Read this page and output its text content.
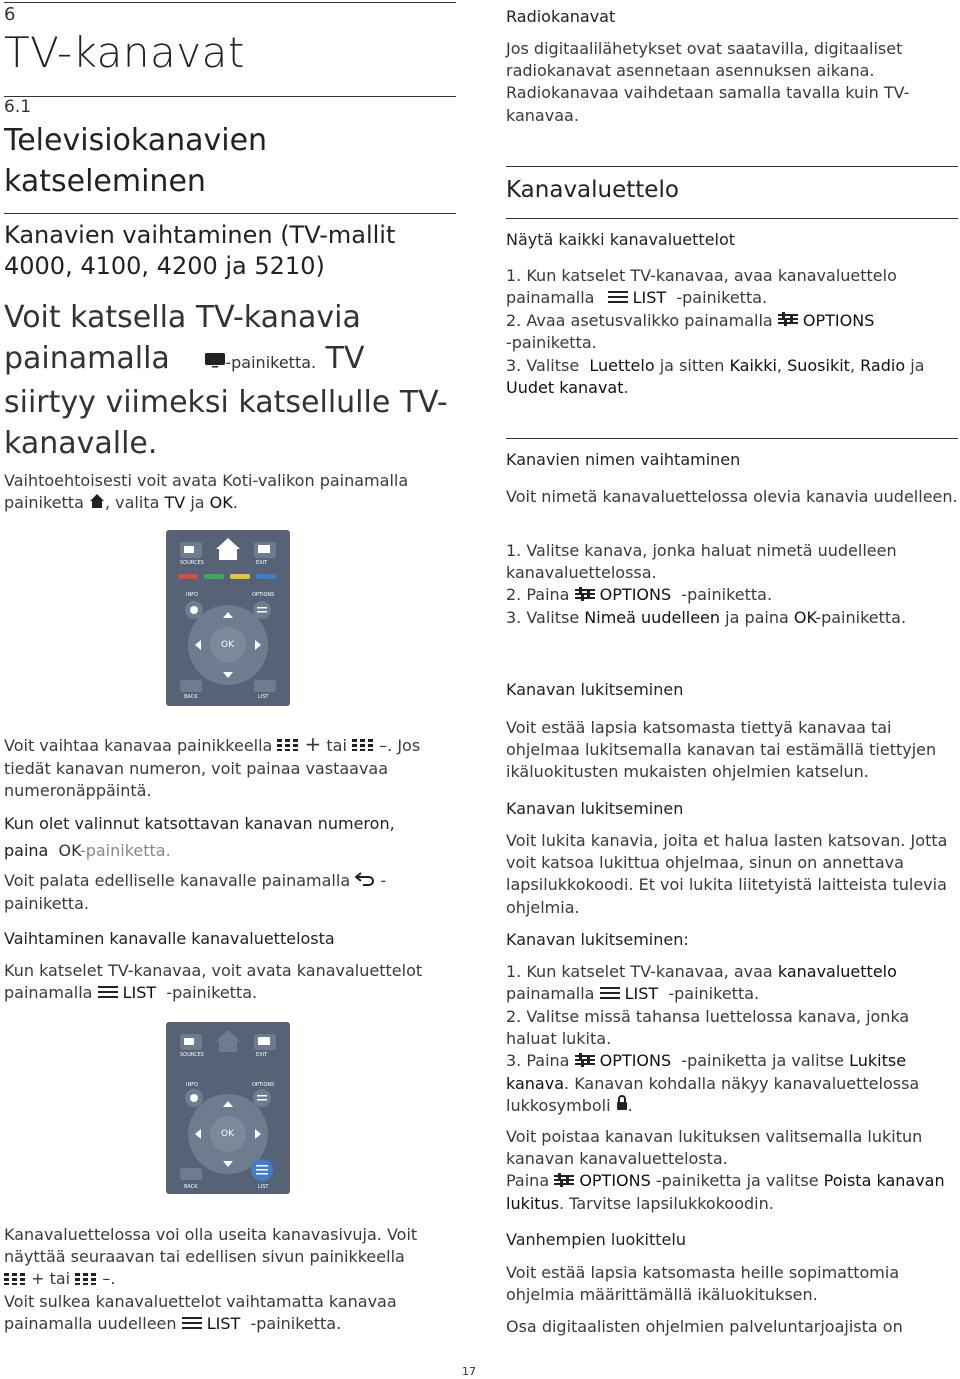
6
TV-kanavat
6.1
Televisiokanavien
katseleminen
Kanavien vaihtaminen (TV-mallit 4000, 4100, 4200 ja 5210)
Voit katsella TV-kanavia
painamalla	TV -painiketta. TV siirtyy viimeksi katsellulle TV-kanavalle.
Vaihtoehtoisesti voit avata Koti-valikon painamalla painiketta , valita TV ja OK.
SOURCES	EXIT
INFO	OPTIONS
OK
BACK	LIST
Voit vaihtaa kanavaa painikkeella + tai –. Jos tiedät kanavan numeron, voit painaa vastaavaa numeronäppäintä.
Kun olet valinnut katsottavan kanavan numeron,
paina OK-painiketta.
Voit palata edelliselle kanavalle painamalla -painiketta.
Vaihtaminen kanavalle kanavaluettelosta
Kun katselet TV-kanavaa, voit avata kanavaluettelot painamalla LIST -painiketta.
SOURCES	EXIT
INFO	OPTIONS
OK
BACK	LIST
Kanavaluettelossa voi olla useita kanavasivuja. Voit näyttää seuraavan tai edellisen sivun painikkeella
+ tai –.
Voit sulkea kanavaluettelot vaihtamatta kanavaa painamalla uudelleen LIST -painiketta.
Radiokanavat
Jos digitaalilähetykset ovat saatavilla, digitaaliset radiokanavat asennetaan asennuksen aikana. Radiokanavaa vaihdetaan samalla tavalla kuin TV-kanavaa.
Kanavaluettelo
Näytä kaikki kanavaluettelot
1. Kun katselet TV-kanavaa, avaa kanavaluettelo painamalla LIST -painiketta.
2. Avaa asetusvalikko painamalla OPTIONS
-painiketta.
3. Valitse Luettelo ja sitten Kaikki, Suosikit, Radio ja Uudet kanavat.
Kanavien nimen vaihtaminen
Voit nimetä kanavaluettelossa olevia kanavia uudelleen.
1. Valitse kanava, jonka haluat nimetä uudelleen kanavaluettelossa.
2. Paina OPTIONS -painiketta.
3. Valitse Nimeä uudelleen ja paina OK-painiketta.
Kanavan lukitseminen
Voit estää lapsia katsomasta tiettyä kanavaa tai ohjelmaa lukitsemalla kanavan tai estämällä tiettyjen ikäluokitusten mukaisten ohjelmien katselun.
Kanavan lukitseminen
Voit lukita kanavia, joita et halua lasten katsovan. Jotta voit katsoa lukittua ohjelmaa, sinun on annettava lapsilukkokoodi. Et voi lukita liitetyistä laitteista tulevia ohjelmia.
Kanavan lukitseminen:
1. Kun katselet TV-kanavaa, avaa kanavaluettelo painamalla LIST -painiketta.
2. Valitse missä tahansa luettelossa kanava, jonka haluat lukita.
3. Paina OPTIONS -painiketta ja valitse Lukitse kanava. Kanavan kohdalla näkyy kanavaluettelossa lukkosymboli .
Voit poistaa kanavan lukituksen valitsemalla lukitun kanavan kanavaluettelosta.
Paina OPTIONS -painiketta ja valitse Poista kanavan lukitus. Tarvitse lapsilukkokoodin.
Vanhempien luokittelu
Voit estää lapsia katsomasta heille sopimattomia ohjelmia määrittämällä ikäluokituksen.
Osa digitaalisten ohjelmien palveluntarjoajista on
17
